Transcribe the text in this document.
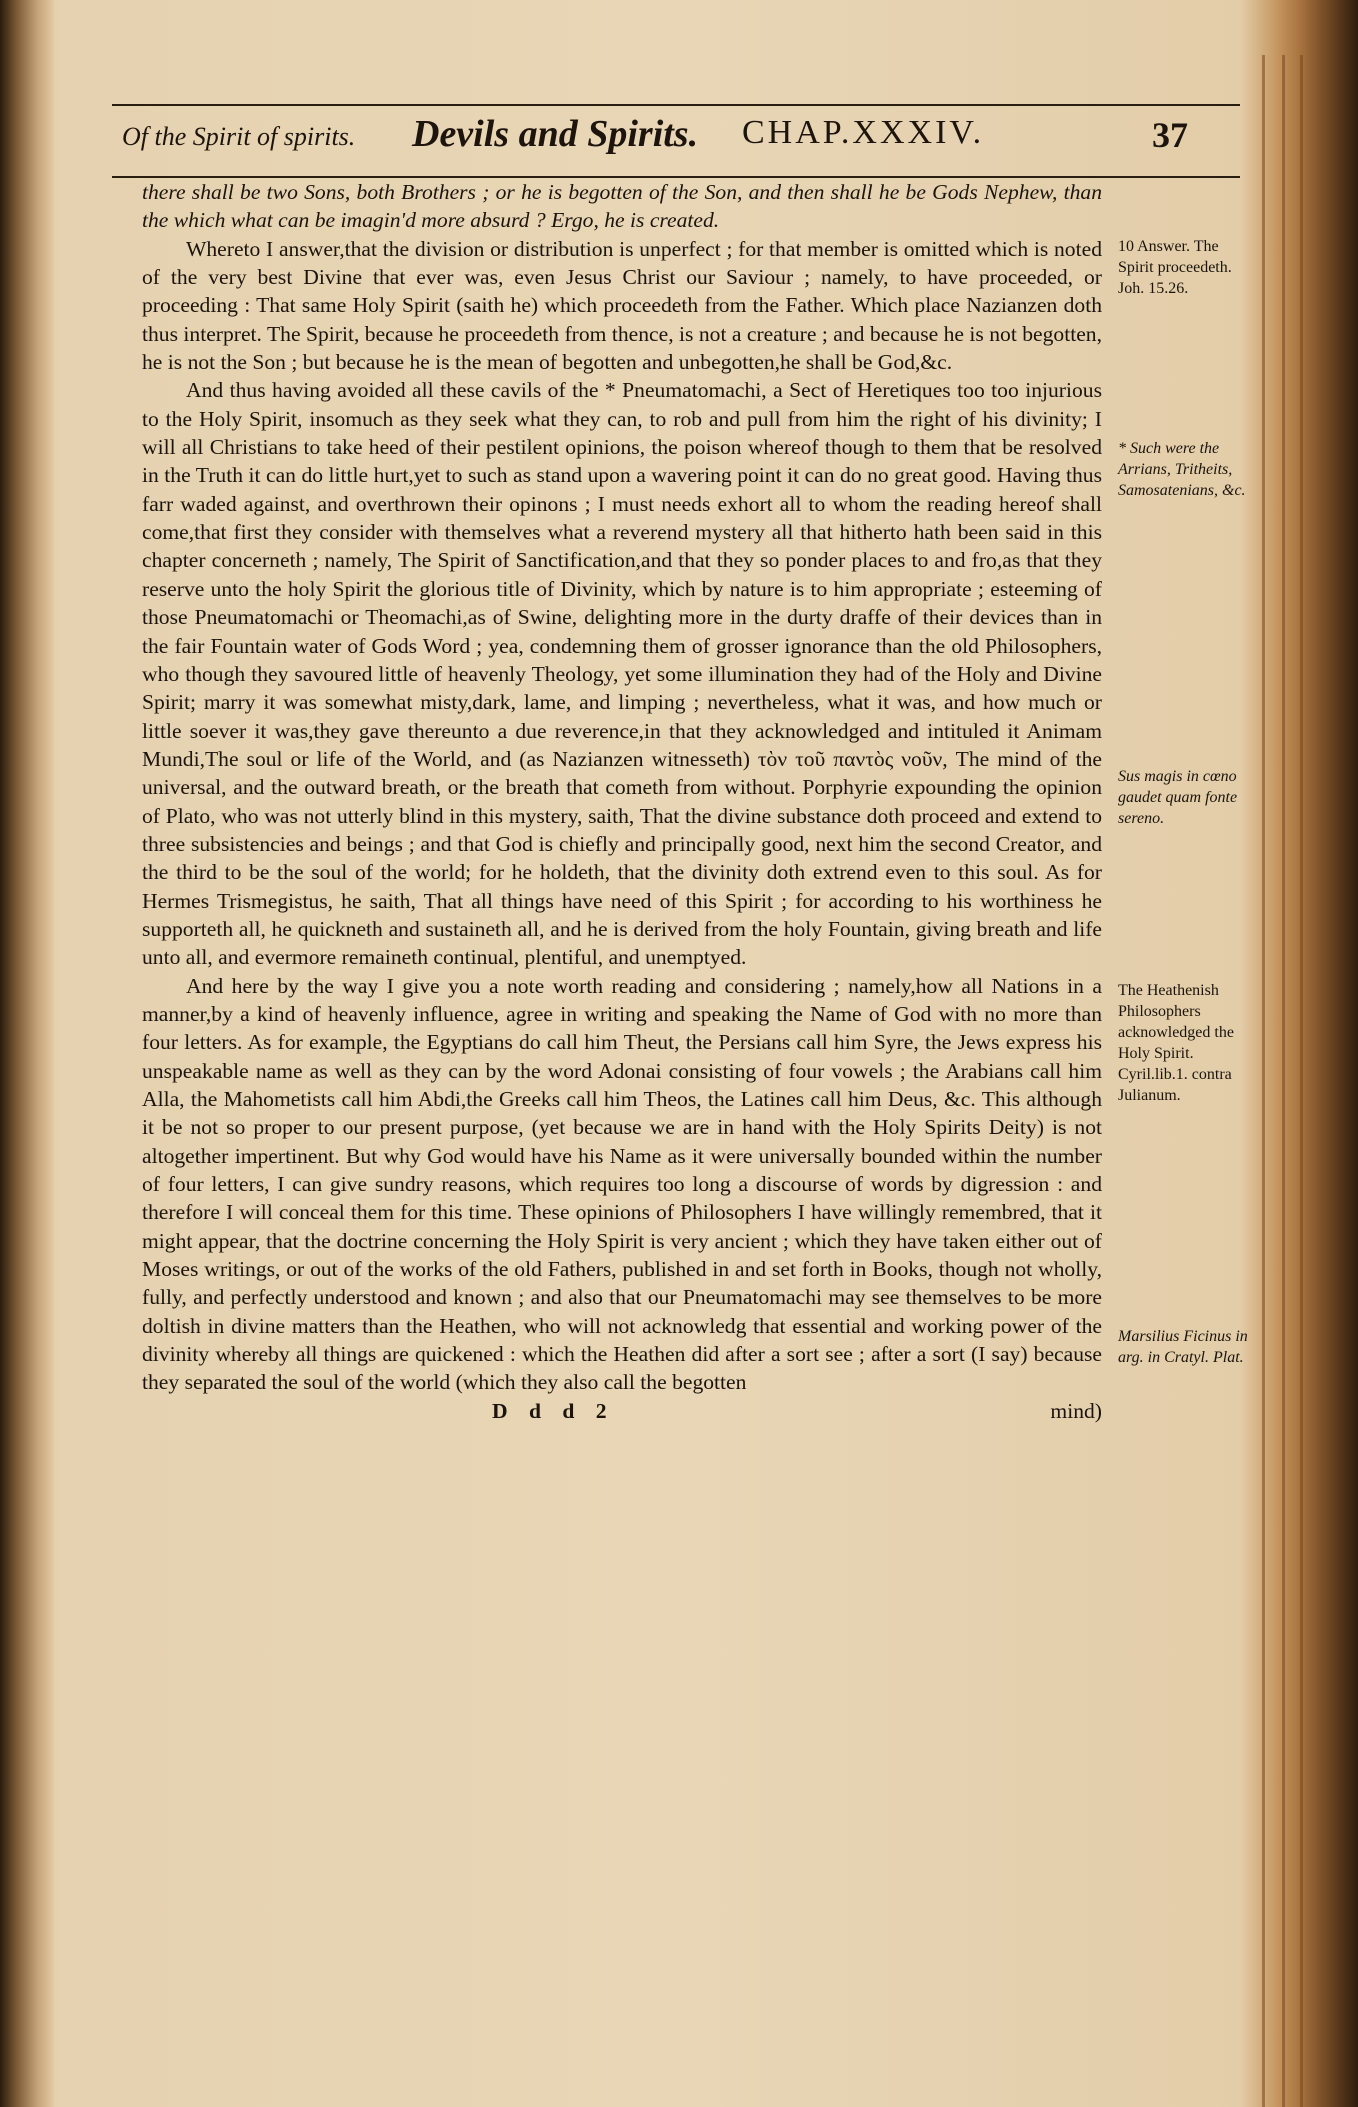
Of the Spirit of spirits. Devils and Spirits. CHAP.XXXIV.	37

there shall be two Sons, both Brothers ; or he is begotten of the Son, and then shall he be Gods Nephew, than the which what can be imagin'd more absurd ? Ergo, he is created.

Whereto I answer,that the division or distribution is unperfect ; for that member is omitted which is noted of the very best Divine that ever was, even Jesus Christ our Saviour ; namely, to have proceeded, or proceeding : That same Holy Spirit (saith he) which proceedeth from the Father. Which place Nazianzen doth thus interpret. The Spirit, because he proceedeth from thence, is not a creature ; and because he is not begotten, he is not the Son ; but because he is the mean of begotten and unbegotten,he shall be God,&c.

And thus having avoided all these cavils of the * Pneumatomachi, a Sect of Heretiques too too injurious to the Holy Spirit, insomuch as they seek what they can, to rob and pull from him the right of his divinity; I will all Christians to take heed of their pestilent opinions, the poison whereof though to them that be resolved in the Truth it can do little hurt,yet to such as stand upon a wavering point it can do no great good. Having thus farr waded against, and overthrown their opinons ; I must needs exhort all to whom the reading hereof shall come,that first they consider with themselves what a reverend mystery all that hitherto hath been said in this chapter concerneth ; namely, The Spirit of Sanctification,and that they so ponder places to and fro,as that they reserve unto the holy Spirit the glorious title of Divinity, which by nature is to him appropriate ; esteeming of those Pneumatomachi or Theomachi,as of Swine, delighting more in the durty draffe of their devices than in the fair Fountain water of Gods Word ; yea, condemning them of grosser ignorance than the old Philosophers, who though they savoured little of heavenly Theology, yet some illumination they had of the Holy and Divine Spirit; marry it was somewhat misty,dark, lame, and limping ; nevertheless, what it was, and how much or little soever it was,they gave thereunto a due reverence,in that they acknowledged and intituled it Animam Mundi,The soul or life of the World, and (as Nazianzen witnesseth) τὸν τοῦ παντὸς νοῦν, The mind of the universal, and the outward breath, or the breath that cometh from without. Porphyrie expounding the opinion of Plato, who was not utterly blind in this mystery, saith, That the divine substance doth proceed and extend to three subsistencies and beings ; and that God is chiefly and principally good, next him the second Creator, and the third to be the soul of the world; for he holdeth, that the divinity doth extrend even to this soul. As for Hermes Trismegistus, he saith, That all things have need of this Spirit ; for according to his worthiness he supporteth all, he quickneth and sustaineth all, and he is derived from the holy Fountain, giving breath and life unto all, and evermore remaineth continual, plentiful, and unemptyed.

And here by the way I give you a note worth reading and considering ; namely,how all Nations in a manner,by a kind of heavenly influence, agree in writing and speaking the Name of God with no more than four letters. As for example, the Egyptians do call him Theut, the Persians call him Syre, the Jews express his unspeakable name as well as they can by the word Adonai consisting of four vowels ; the Arabians call him Alla, the Mahometists call him Abdi,the Greeks call him Theos, the Latines call him Deus, &c. This although it be not so proper to our present purpose, (yet because we are in hand with the Holy Spirits Deity) is not altogether impertinent. But why God would have his Name as it were universally bounded within the number of four letters, I can give sundry reasons, which requires too long a discourse of words by digression : and therefore I will conceal them for this time. These opinions of Philosophers I have willingly remembred, that it might appear, that the doctrine concerning the Holy Spirit is very ancient ; which they have taken either out of Moses writings, or out of the works of the old Fathers, published in and set forth in Books, though not wholly, fully, and perfectly understood and known ; and also that our Pneumatomachi may see themselves to be more doltish in divine matters than the Heathen, who will not acknowledg that essential and working power of the divinity whereby all things are quickened : which the Heathen did after a sort see ; after a sort (I say) because they separated the soul of the world (which they also call the begotten

D d d 2	mind)
10 Answer. The Spirit proceedeth. Joh. 15.26.
* Such were the Arrians, Tritheits, Samosatenians, &c.
Sus magis in cœno gaudet quam fonte sereno.
The Heathenish Philosophers acknowledged the Holy Spirit. Cyril.lib.1. contra Julianum.
Marsilius Ficinus in arg. in Cratyl. Plat.
